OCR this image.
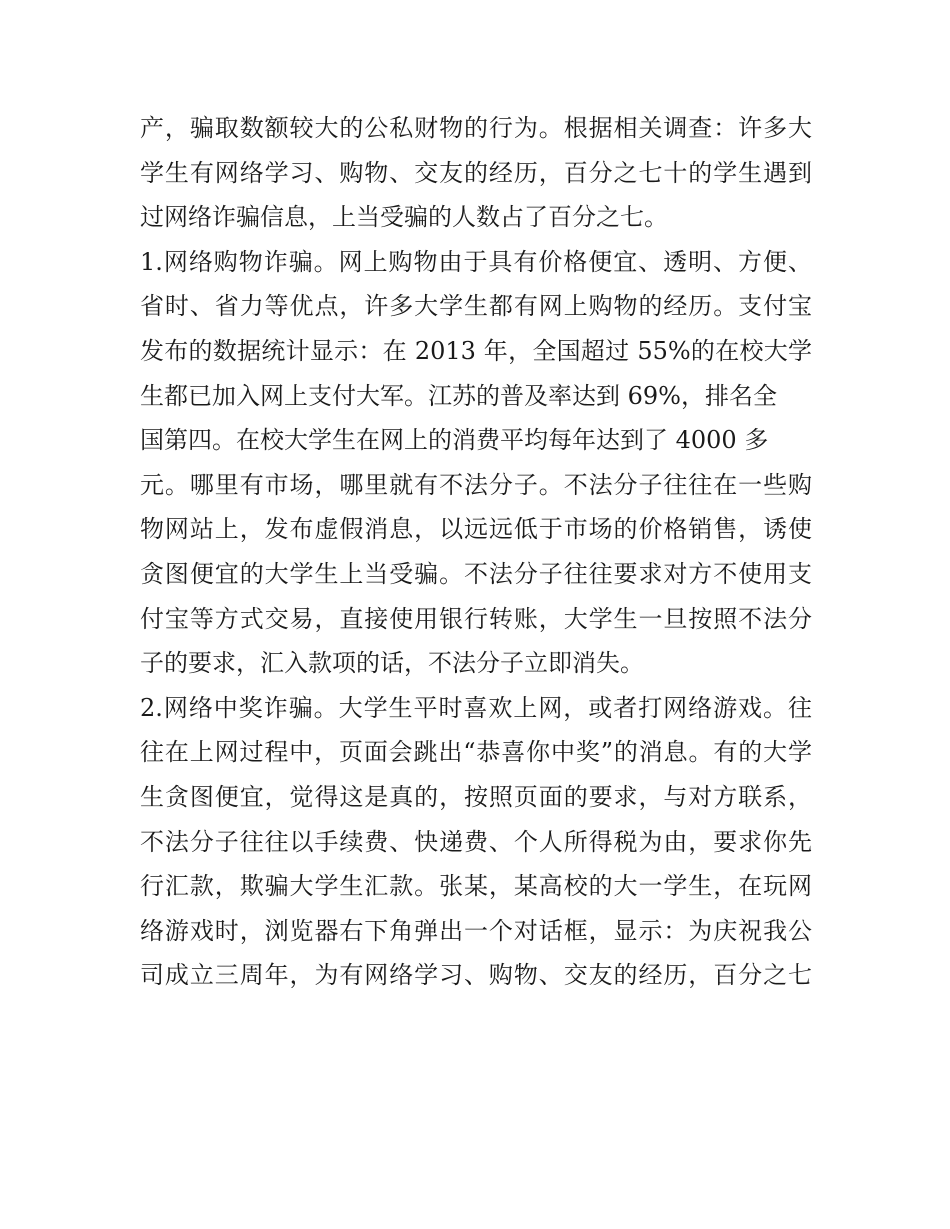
产，骗取数额较大的公私财物的行为。根据相关调查：许多大
学生有网络学习、购物、交友的经历，百分之七十的学生遇到
过网络诈骗信息，上当受骗的人数占了百分之七。
1.网络购物诈骗。网上购物由于具有价格便宜、透明、方便、
省时、省力等优点，许多大学生都有网上购物的经历。支付宝
发布的数据统计显示：在 2013 年，全国超过 55%的在校大学
生都已加入网上支付大军。江苏的普及率达到 69%，排名全
国第四。在校大学生在网上的消费平均每年达到了 4000 多
元。哪里有市场，哪里就有不法分子。不法分子往往在一些购
物网站上，发布虚假消息，以远远低于市场的价格销售，诱使
贪图便宜的大学生上当受骗。不法分子往往要求对方不使用支
付宝等方式交易，直接使用银行转账，大学生一旦按照不法分
子的要求，汇入款项的话，不法分子立即消失。
2.网络中奖诈骗。大学生平时喜欢上网，或者打网络游戏。往
往在上网过程中，页面会跳出“恭喜你中奖”的消息。有的大学
生贪图便宜，觉得这是真的，按照页面的要求，与对方联系，
不法分子往往以手续费、快递费、个人所得税为由，要求你先
行汇款，欺骗大学生汇款。张某，某高校的大一学生，在玩网
络游戏时，浏览器右下角弹出一个对话框，显示：为庆祝我公
司成立三周年，为有网络学习、购物、交友的经历，百分之七
